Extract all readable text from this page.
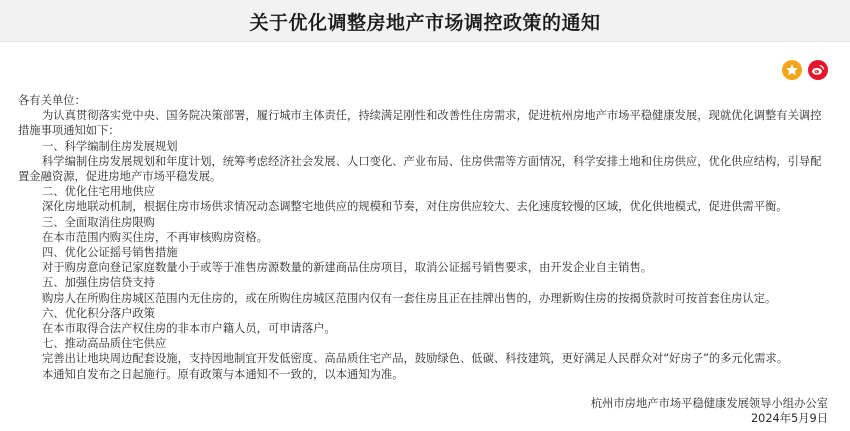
关于优化调整房地产市场调控政策的通知

各有关单位：

为认真贯彻落实党中央、国务院决策部署，履行城市主体责任，持续满足刚性和改善性住房需求，促进杭州房地产市场平稳健康发展，现就优化调整有关调控措施事项通知如下：

一、科学编制住房发展规划

科学编制住房发展规划和年度计划，统筹考虑经济社会发展、人口变化、产业布局、住房供需等方面情况，科学安排土地和住房供应，优化供应结构，引导配置金融资源，促进房地产市场平稳发展。

二、优化住宅用地供应

深化房地联动机制，根据住房市场供求情况动态调整宅地供应的规模和节奏，对住房供应较大、去化速度较慢的区域，优化供地模式，促进供需平衡。

三、全面取消住房限购

在本市范围内购买住房，不再审核购房资格。

四、优化公证摇号销售措施

对于购房意向登记家庭数量小于或等于准售房源数量的新建商品住房项目，取消公证摇号销售要求，由开发企业自主销售。

五、加强住房信贷支持

购房人在所购住房城区范围内无住房的，或在所购住房城区范围内仅有一套住房且正在挂牌出售的，办理新购住房的按揭贷款时可按首套住房认定。

六、优化积分落户政策

在本市取得合法产权住房的非本市户籍人员，可申请落户。

七、推动高品质住宅供应

完善出让地块周边配套设施，支持因地制宜开发低密度、高品质住宅产品，鼓励绿色、低碳、科技建筑，更好满足人民群众对“好房子”的多元化需求。

本通知自发布之日起施行。原有政策与本通知不一致的，以本通知为准。

杭州市房地产市场平稳健康发展领导小组办公室
2024年5月9日
